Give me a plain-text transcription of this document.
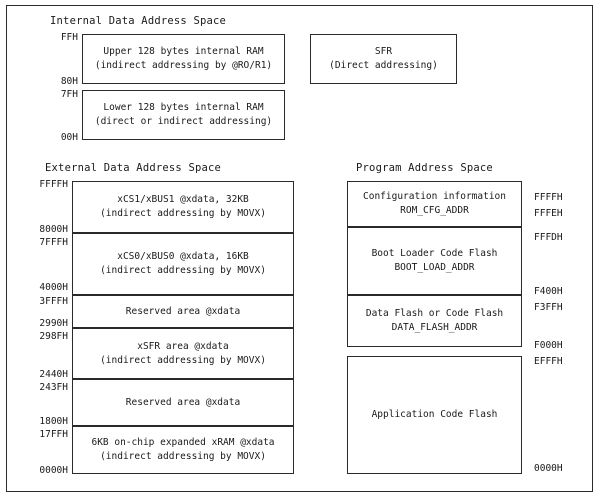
Internal Data Address Space
External Data Address Space	Program Address Space
Upper 128 bytes internal RAM
(indirect addressing by @RO/R1)
SFR
(Direct addressing)
Lower 128 bytes internal RAM
(direct or indirect addressing)
FFH
80H
7FH
00H
xCS1/xBUS1 @xdata, 32KB
(indirect addressing by MOVX)
xCS0/xBUS0 @xdata, 16KB
(indirect addressing by MOVX)
Reserved area @xdata
xSFR area @xdata
(indirect addressing by MOVX)
Reserved area @xdata
6KB on-chip expanded xRAM @xdata
(indirect addressing by MOVX)
FFFFH
8000H
7FFFH
4000H
3FFFH
2990H
298FH
2440H
243FH
1800H
17FFH
0000H
Configuration information
ROM_CFG_ADDR
Boot Loader Code Flash
BOOT_LOAD_ADDR
Data Flash or Code Flash
DATA_FLASH_ADDR
Application Code Flash
FFFFH
FFFEH
FFFDH
F400H
F3FFH
F000H
EFFFH
0000H
